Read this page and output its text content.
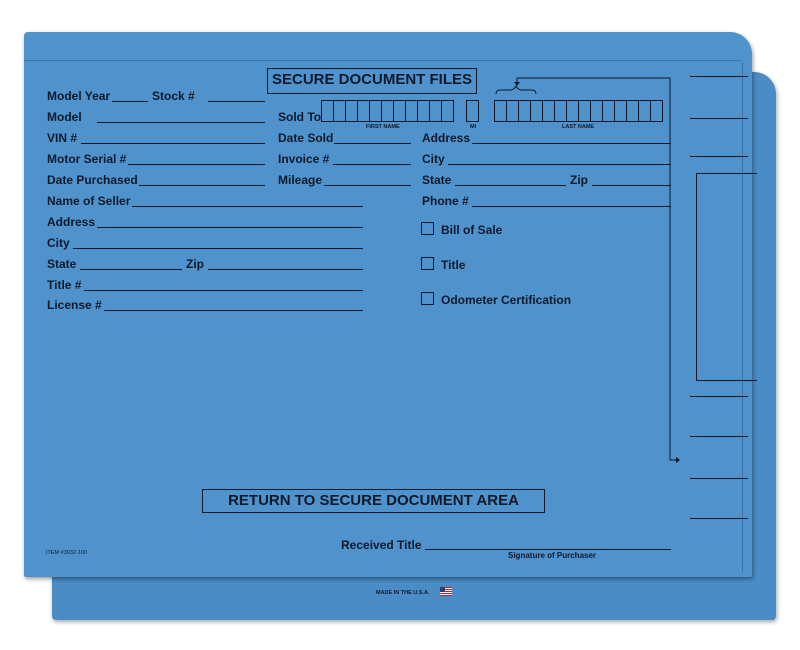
SECURE DOCUMENT FILES
Model Year	Stock #
Model
VIN #
Motor Serial #
Date Purchased
Name of Seller
Address
City
State	Zip
Title #
License #
Sold To
FIRST NAME	MI	LAST NAME
Date Sold
Invoice #
Mileage
Address
City
State	Zip
Phone #
Bill of Sale
Title
Odometer Certification
RETURN TO SECURE DOCUMENT AREA
Received Title
Signature of Purchaser
ITEM #3032-100
MADE IN THE U.S.A.
